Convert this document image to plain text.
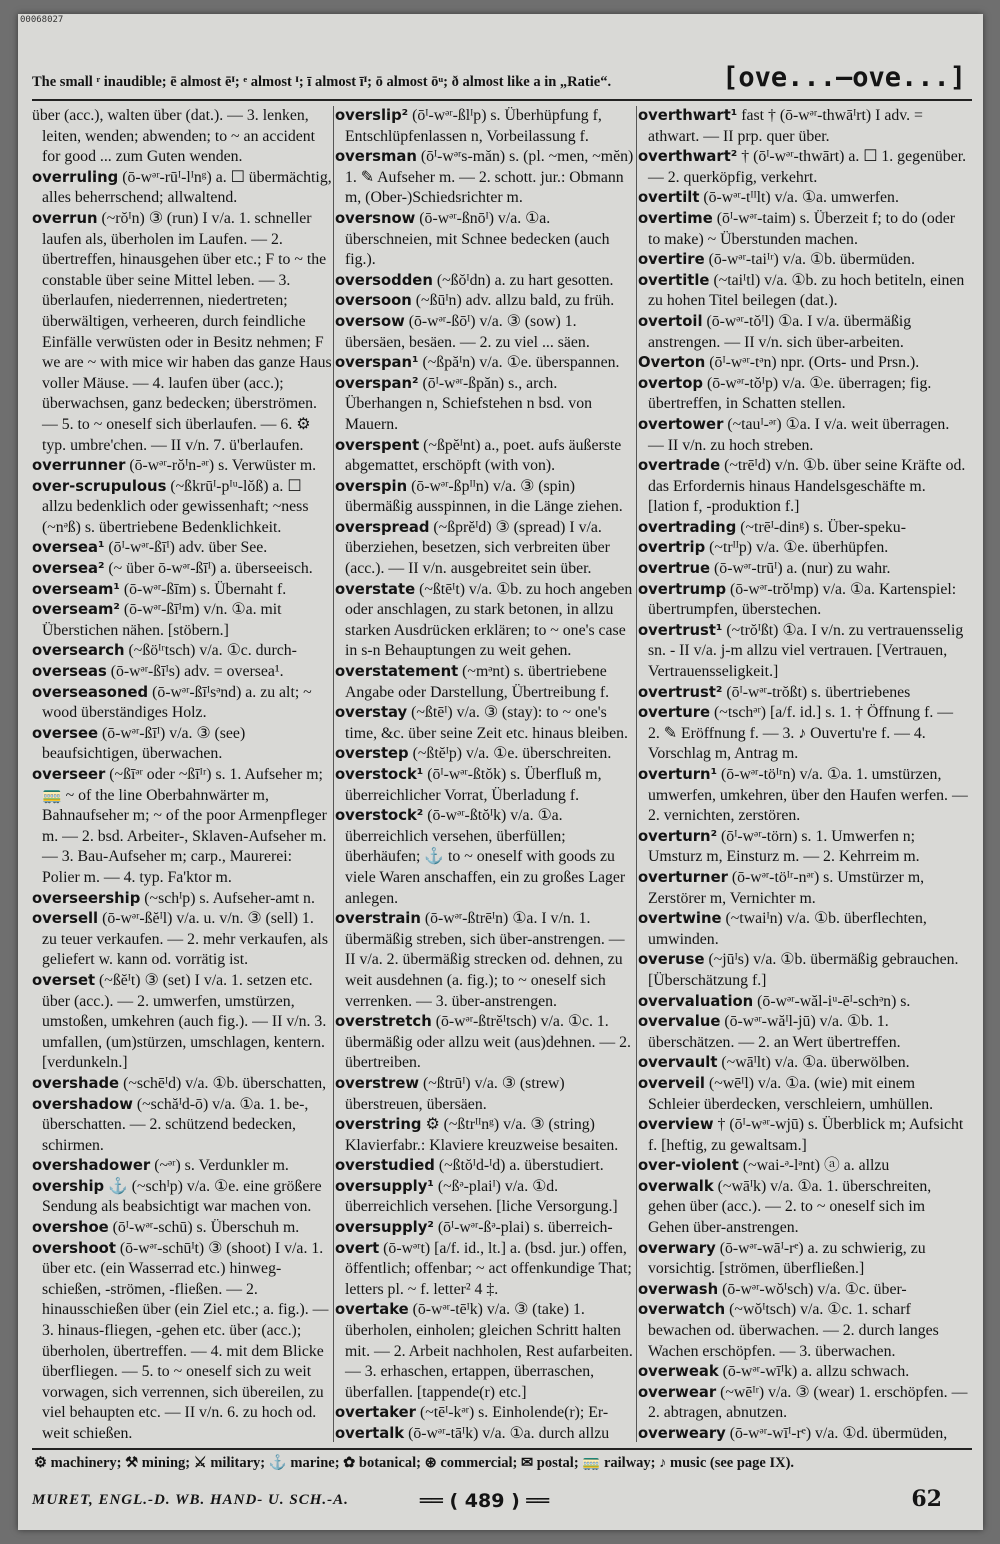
00068027
The small ʳ inaudible; ē almost ēᴵ; ᵉ almost ᴵ; ī almost īᴵ; ō almost ōᵘ; ð almost like a in „Ratie“.	[ove...—ove...]

über (acc.), walten über (dat.). — 3. lenken, leiten, wenden; abwenden; to ~ an accident for good ... zum Guten wenden.

overruling (ō-wᵊʳ-rūᴵ-lᴵnᵍ) a. ☐ übermächtig, alles beherrschend; allwaltend.

overrun (~rŏᴵn) ③ (run) I v/a. 1. schneller laufen als, überholen im Laufen. — 2. übertreffen, hinausgehen über etc.; F to ~ the constable über seine Mittel leben. — 3. überlaufen, niederrennen, niedertreten; überwältigen, verheeren, durch feindliche Einfälle verwüsten oder in Besitz nehmen; F we are ~ with mice wir haben das ganze Haus voller Mäuse. — 4. laufen über (acc.); überwachsen, ganz bedecken; überströmen. — 5. to ~ oneself sich überlaufen. — 6. ⚙ typ. umbre'chen. — II v/n. 7. ü'berlaufen.

overrunner (ō-wᵊʳ-rŏᴵn-ᵊʳ) s. Verwüster m.

over-scrupulous (~ßkrūᴵ-pᴵᵘ-lŏß) a. ☐ allzu bedenklich oder gewissenhaft; ~ness (~nᵊß) s. übertriebene Bedenklichkeit.

oversea¹ (ōᴵ-wᵊʳ-ßīᴵ) adv. über See.

oversea² (~ über ō-wᵊʳ-ßīᴵ) a. überseeisch.

overseam¹ (ō-wᵊʳ-ßīm) s. Übernaht f.

overseam² (ō-wᵊʳ-ßīᴵm) v/n. ①a. mit Überstichen nähen. [stöbern.]

oversearch (~ßöᴵʳtsch) v/a. ①c. durch-

overseas (ō-wᵊʳ-ßīᴵs) adv. = oversea¹.

overseasoned (ō-wᵊʳ-ßīᴵsᵊnd) a. zu alt; ~ wood überständiges Holz.

oversee (ō-wᵊʳ-ßīᴵ) v/a. ③ (see) beaufsichtigen, überwachen.

overseer (~ßīᵊʳ oder ~ßīᴵʳ) s. 1. Aufseher m; 🚃 ~ of the line Oberbahnwärter m, Bahnaufseher m; ~ of the poor Armenpfleger m. — 2. bsd. Arbeiter-, Sklaven-Aufseher m. — 3. Bau-Aufseher m; carp., Maurerei: Polier m. — 4. typ. Fa'ktor m.

overseership (~schᴵp) s. Aufseher-amt n.

oversell (ō-wᵊʳ-ßĕᴵl) v/a. u. v/n. ③ (sell) 1. zu teuer verkaufen. — 2. mehr verkaufen, als geliefert w. kann od. vorrätig ist.

overset (~ßĕᴵt) ③ (set) I v/a. 1. setzen etc. über (acc.). — 2. umwerfen, umstürzen, umstoßen, umkehren (auch fig.). — II v/n. 3. umfallen, (um)stürzen, umschlagen, kentern. [verdunkeln.]

overshade (~schēᴵd) v/a. ①b. überschatten,

overshadow (~schăᴵd-ō) v/a. ①a. 1. be-, überschatten. — 2. schützend bedecken, schirmen.

overshadower (~ᵊʳ) s. Verdunkler m.

overship ⚓ (~schᴵp) v/a. ①e. eine größere Sendung als beabsichtigt war machen von.

overshoe (ōᴵ-wᵊʳ-schū) s. Überschuh m.

overshoot (ō-wᵊʳ-schūᴵt) ③ (shoot) I v/a. 1. über etc. (ein Wasserrad etc.) hinweg-schießen, -strömen, -fließen. — 2. hinausschießen über (ein Ziel etc.; a. fig.). — 3. hinaus-fliegen, -gehen etc. über (acc.); überholen, übertreffen. — 4. mit dem Blicke überfliegen. — 5. to ~ oneself sich zu weit vorwagen, sich verrennen, sich übereilen, zu viel behaupten etc. — II v/n. 6. zu hoch od. weit schießen.

overslip² (ōᴵ-wᵊʳ-ßlᴵp) s. Überhüpfung f, Entschlüpfenlassen n, Vorbeilassung f.

oversman (ōᴵ-wᵊʳs-măn) s. (pl. ~men, ~mĕn) 1. ✎ Aufseher m. — 2. schott. jur.: Obmann m, (Ober-)Schiedsrichter m.

oversnow (ō-wᵊʳ-ßnōᴵ) v/a. ①a. überschneien, mit Schnee bedecken (auch fig.).

oversodden (~ßŏᴵdn) a. zu hart gesotten.

oversoon (~ßūᴵn) adv. allzu bald, zu früh.

oversow (ō-wᵊʳ-ßōᴵ) v/a. ③ (sow) 1. übersäen, besäen. — 2. zu viel ... säen.

overspan¹ (~ßpăᴵn) v/a. ①e. überspannen.

overspan² (ōᴵ-wᵊʳ-ßpăn) s., arch. Überhangen n, Schiefstehen n bsd. von Mauern.

overspent (~ßpĕᴵnt) a., poet. aufs äußerste abgemattet, erschöpft (with von).

overspin (ō-wᵊʳ-ßpᴵᴵn) v/a. ③ (spin) übermäßig ausspinnen, in die Länge ziehen.

overspread (~ßprĕᴵd) ③ (spread) I v/a. überziehen, besetzen, sich verbreiten über (acc.). — II v/n. ausgebreitet sein über.

overstate (~ßtēᴵt) v/a. ①b. zu hoch angeben oder anschlagen, zu stark betonen, in allzu starken Ausdrücken erklären; to ~ one's case in s-n Behauptungen zu weit gehen.

overstatement (~mᵊnt) s. übertriebene Angabe oder Darstellung, Übertreibung f.

overstay (~ßtēᴵ) v/a. ③ (stay): to ~ one's time, &c. über seine Zeit etc. hinaus bleiben.

overstep (~ßtĕᴵp) v/a. ①e. überschreiten.

overstock¹ (ōᴵ-wᵊʳ-ßtŏk) s. Überfluß m, überreichlicher Vorrat, Überladung f.

overstock² (ō-wᵊʳ-ßtŏᴵk) v/a. ①a. überreichlich versehen, überfüllen; überhäufen; ⚓ to ~ oneself with goods zu viele Waren anschaffen, ein zu großes Lager anlegen.

overstrain (ō-wᵊʳ-ßtrēᴵn) ①a. I v/n. 1. übermäßig streben, sich über-anstrengen. — II v/a. 2. übermäßig strecken od. dehnen, zu weit ausdehnen (a. fig.); to ~ oneself sich verrenken. — 3. über-anstrengen.

overstretch (ō-wᵊʳ-ßtrĕᴵtsch) v/a. ①c. 1. übermäßig oder allzu weit (aus)dehnen. — 2. übertreiben.

overstrew (~ßtrūᴵ) v/a. ③ (strew) überstreuen, übersäen.

overstring ⚙ (~ßtrᴵᴵnᵍ) v/a. ③ (string) Klavierfabr.: Klaviere kreuzweise besaiten.

overstudied (~ßtŏᴵd-ᴵd) a. überstudiert.

oversupply¹ (~ßᵊ-plaiᴵ) v/a. ①d. überreichlich versehen. [liche Versorgung.]

oversupply² (ōᴵ-wᵊʳ-ßᵊ-plai) s. überreich-

overt (ō-wᵊʳt) [a/f. id., lt.] a. (bsd. jur.) offen, öffentlich; offenbar; ~ act offenkundige That; letters pl. ~ f. letter² 4 ‡.

overtake (ō-wᵊʳ-tēᴵk) v/a. ③ (take) 1. überholen, einholen; gleichen Schritt halten mit. — 2. Arbeit nachholen, Rest aufarbeiten. — 3. erhaschen, ertappen, überraschen, überfallen. [tappende(r) etc.]

overtaker (~tēᴵ-kᵊʳ) s. Einholende(r); Er-

overtalk (ō-wᵊʳ-tāᴵk) v/a. ①a. durch allzu

overthwart¹ fast † (ō-wᵊʳ-thwāᴵrt) I adv. = athwart. — II prp. quer über.

overthwart² † (ōᴵ-wᵊʳ-thwārt) a. ☐ 1. gegenüber. — 2. querköpfig, verkehrt.

overtilt (ō-wᵊʳ-tᴵᴵlt) v/a. ①a. umwerfen.

overtime (ōᴵ-wᵊʳ-taim) s. Überzeit f; to do (oder to make) ~ Überstunden machen.

overtire (ō-wᵊʳ-taiᴵʳ) v/a. ①b. übermüden.

overtitle (~taiᴵtl) v/a. ①b. zu hoch betiteln, einen zu hohen Titel beilegen (dat.).

overtoil (ō-wᵊʳ-tŏᴵl) ①a. I v/a. übermäßig anstrengen. — II v/n. sich über-arbeiten.

Overton (ōᴵ-wᵊʳ-tᵊn) npr. (Orts- und Prsn.).

overtop (ō-wᵊʳ-tŏᴵp) v/a. ①e. überragen; fig. übertreffen, in Schatten stellen.

overtower (~tauᴵ-ᵊʳ) ①a. I v/a. weit überragen. — II v/n. zu hoch streben.

overtrade (~trēᴵd) v/n. ①b. über seine Kräfte od. das Erfordernis hinaus Handelsgeschäfte m. [lation f, -produktion f.]

overtrading (~trēᴵ-dinᵍ) s. Über-speku-

overtrip (~trᴵᴵp) v/a. ①e. überhüpfen.

overtrue (ō-wᵊʳ-trūᴵ) a. (nur) zu wahr.

overtrump (ō-wᵊʳ-trŏᴵmp) v/a. ①a. Kartenspiel: übertrumpfen, überstechen.

overtrust¹ (~trŏᴵßt) ①a. I v/n. zu vertrauensselig sn. - II v/a. j-m allzu viel vertrauen. [Vertrauen, Vertrauensseligkeit.]

overtrust² (ōᴵ-wᵊʳ-trŏßt) s. übertriebenes

overture (~tschᵊʳ) [a/f. id.] s. 1. † Öffnung f. — 2. ✎ Eröffnung f. — 3. ♪ Ouvertu're f. — 4. Vorschlag m, Antrag m.

overturn¹ (ō-wᵊʳ-töᴵʳn) v/a. ①a. 1. umstürzen, umwerfen, umkehren, über den Haufen werfen. — 2. vernichten, zerstören.

overturn² (ōᴵ-wᵊʳ-törn) s. 1. Umwerfen n; Umsturz m, Einsturz m. — 2. Kehrreim m.

overturner (ō-wᵊʳ-töᴵʳ-nᵊʳ) s. Umstürzer m, Zerstörer m, Vernichter m.

overtwine (~twaiᴵn) v/a. ①b. überflechten, umwinden.

overuse (~jūᴵs) v/a. ①b. übermäßig gebrauchen. [Überschätzung f.]

overvaluation (ō-wᵊʳ-wăl-iᵘ-ēᴵ-schᵊn) s.

overvalue (ō-wᵊʳ-wăᴵl-jū) v/a. ①b. 1. überschätzen. — 2. an Wert übertreffen.

overvault (~wāᴵlt) v/a. ①a. überwölben.

overveil (~wēᴵl) v/a. ①a. (wie) mit einem Schleier überdecken, verschleiern, umhüllen.

overview † (ōᴵ-wᵊʳ-wjū) s. Überblick m; Aufsicht f. [heftig, zu gewaltsam.]

over-violent (~wai-ᵊ-lᵊnt) ⓐ a. allzu

overwalk (~wāᴵk) v/a. ①a. 1. überschreiten, gehen über (acc.). — 2. to ~ oneself sich im Gehen über-anstrengen.

overwary (ō-wᵊʳ-wāᴵ-rᵉ) a. zu schwierig, zu vorsichtig. [strömen, überfließen.]

overwash (ō-wᵊʳ-wŏᴵsch) v/a. ①c. über-

overwatch (~wŏᴵtsch) v/a. ①c. 1. scharf bewachen od. überwachen. — 2. durch langes Wachen erschöpfen. — 3. überwachen.

overweak (ō-wᵊʳ-wīᴵk) a. allzu schwach.

overwear (~wēᴵʳ) v/a. ③ (wear) 1. erschöpfen. — 2. abtragen, abnutzen.

overweary (ō-wᵊʳ-wīᴵ-rᵉ) v/a. ①d. übermüden,

⚙ machinery; ⚒ mining; ⚔ military; ⚓ marine; ✿ botanical; ⊛ commercial; ✉ postal; 🚃 railway; ♪ music (see page IX).
MURET, ENGL.-D. WB. HAND- U. SCH.-A.	══ ( 489 ) ══	62
